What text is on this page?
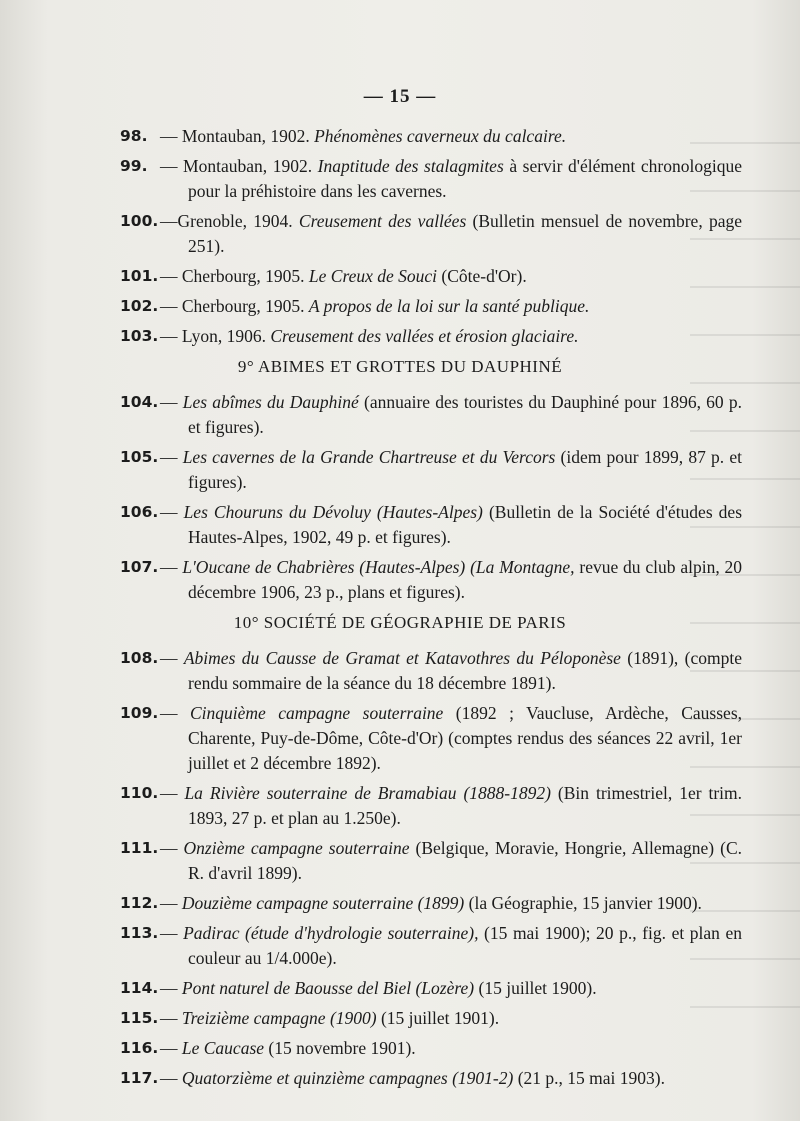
— 15 —
98. — Montauban, 1902. Phénomènes caverneux du calcaire.
99. — Montauban, 1902. Inaptitude des stalagmites à servir d'élément chronologique pour la préhistoire dans les cavernes.
100. —Grenoble, 1904. Creusement des vallées (Bulletin mensuel de novembre, page 251).
101. — Cherbourg, 1905. Le Creux de Souci (Côte-d'Or).
102. — Cherbourg, 1905. A propos de la loi sur la santé publique.
103. — Lyon, 1906. Creusement des vallées et érosion glaciaire.
9° ABIMES ET GROTTES DU DAUPHINÉ
104. — Les abîmes du Dauphiné (annuaire des touristes du Dauphiné pour 1896, 60 p. et figures).
105. — Les cavernes de la Grande Chartreuse et du Vercors (idem pour 1899, 87 p. et figures).
106. — Les Chouruns du Dévoluy (Hautes-Alpes) (Bulletin de la Société d'études des Hautes-Alpes, 1902, 49 p. et figures).
107. — L'Oucane de Chabrières (Hautes-Alpes) (La Montagne, revue du club alpin, 20 décembre 1906, 23 p., plans et figures).
10° SOCIÉTÉ DE GÉOGRAPHIE DE PARIS
108. — Abimes du Causse de Gramat et Katavothres du Péloponèse (1891), (compte rendu sommaire de la séance du 18 décembre 1891).
109. — Cinquième campagne souterraine (1892 ; Vaucluse, Ardèche, Causses, Charente, Puy-de-Dôme, Côte-d'Or) (comptes rendus des séances 22 avril, 1er juillet et 2 décembre 1892).
110. — La Rivière souterraine de Bramabiau (1888-1892) (Bin trimestriel, 1er trim. 1893, 27 p. et plan au 1.250e).
111. — Onzième campagne souterraine (Belgique, Moravie, Hongrie, Allemagne) (C. R. d'avril 1899).
112. — Douzième campagne souterraine (1899) (la Géographie, 15 janvier 1900).
113. — Padirac (étude d'hydrologie souterraine), (15 mai 1900); 20 p., fig. et plan en couleur au 1/4.000e).
114. — Pont naturel de Baousse del Biel (Lozère) (15 juillet 1900).
115. — Treizième campagne (1900) (15 juillet 1901).
116. — Le Caucase (15 novembre 1901).
117. — Quatorzième et quinzième campagnes (1901-2) (21 p., 15 mai 1903).
